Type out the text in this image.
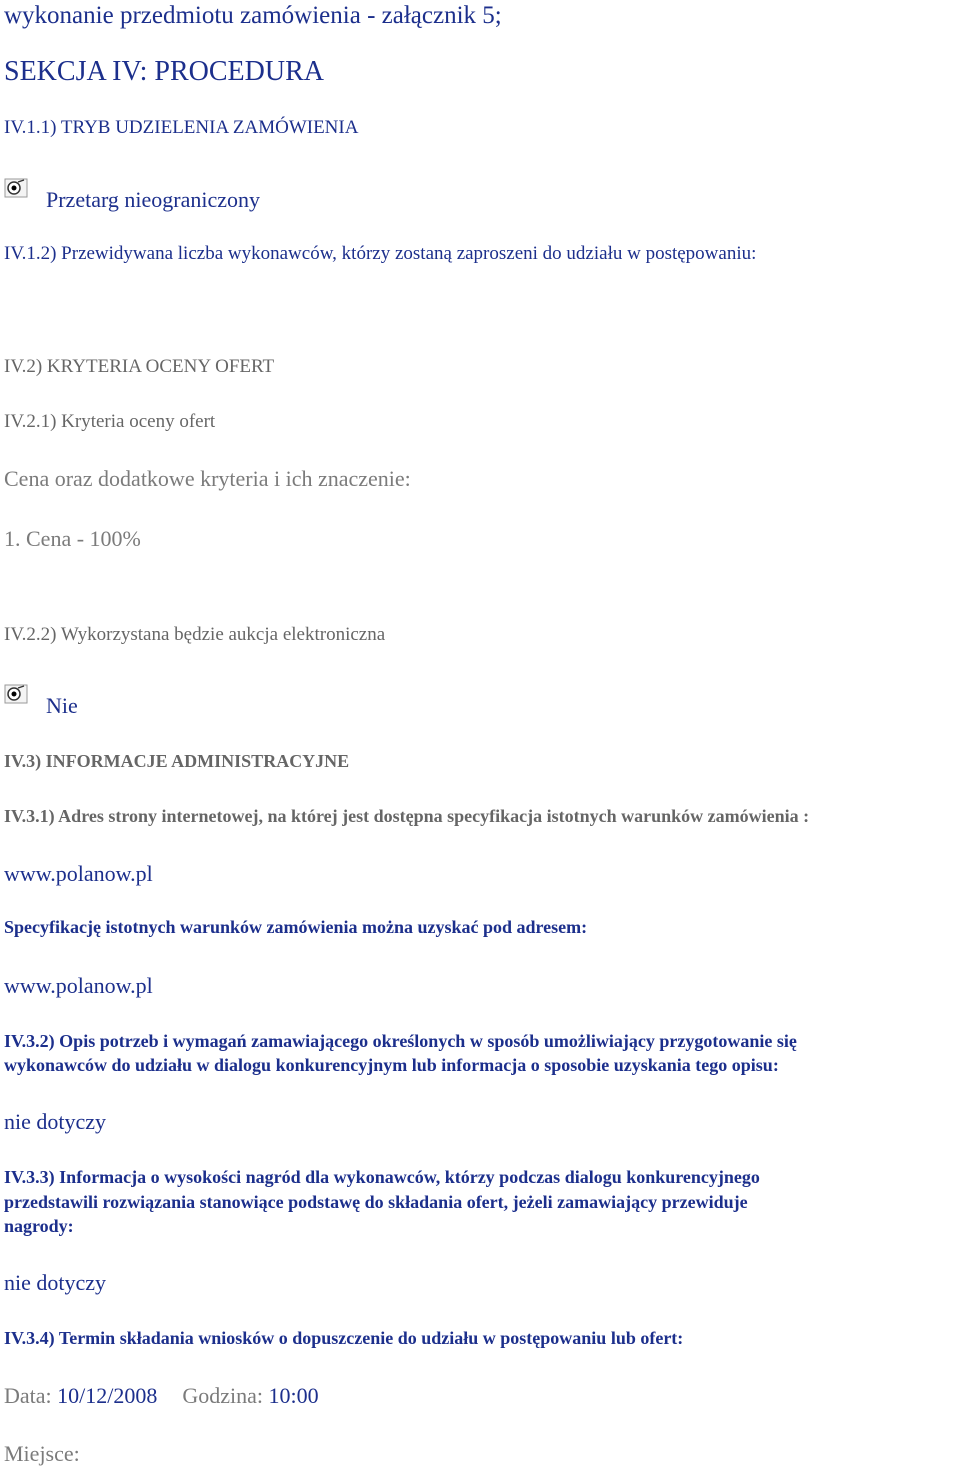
wykonanie przedmiotu zamówienia - załącznik 5;
SEKCJA IV: PROCEDURA
IV.1.1) TRYB UDZIELENIA ZAMÓWIENIA
Przetarg nieograniczony
IV.1.2) Przewidywana liczba wykonawców, którzy zostaną zaproszeni do udziału w postępowaniu:
IV.2) KRYTERIA OCENY OFERT
IV.2.1) Kryteria oceny ofert
Cena oraz dodatkowe kryteria i ich znaczenie:
1. Cena - 100%
IV.2.2) Wykorzystana będzie aukcja elektroniczna
Nie
IV.3) INFORMACJE ADMINISTRACYJNE
IV.3.1) Adres strony internetowej, na której jest dostępna specyfikacja istotnych warunków zamówienia :
www.polanow.pl
Specyfikację istotnych warunków zamówienia można uzyskać pod adresem:
www.polanow.pl
IV.3.2) Opis potrzeb i wymagań zamawiającego określonych w sposób umożliwiający przygotowanie się
wykonawców do udziału w dialogu konkurencyjnym lub informacja o sposobie uzyskania tego opisu:
nie dotyczy
IV.3.3) Informacja o wysokości nagród dla wykonawców, którzy podczas dialogu konkurencyjnego
przedstawili rozwiązania stanowiące podstawę do składania ofert, jeżeli zamawiający przewiduje
nagrody:
nie dotyczy
IV.3.4) Termin składania wniosków o dopuszczenie do udziału w postępowaniu lub ofert:
Data: 10/12/2008 Godzina: 10:00
Miejsce:
